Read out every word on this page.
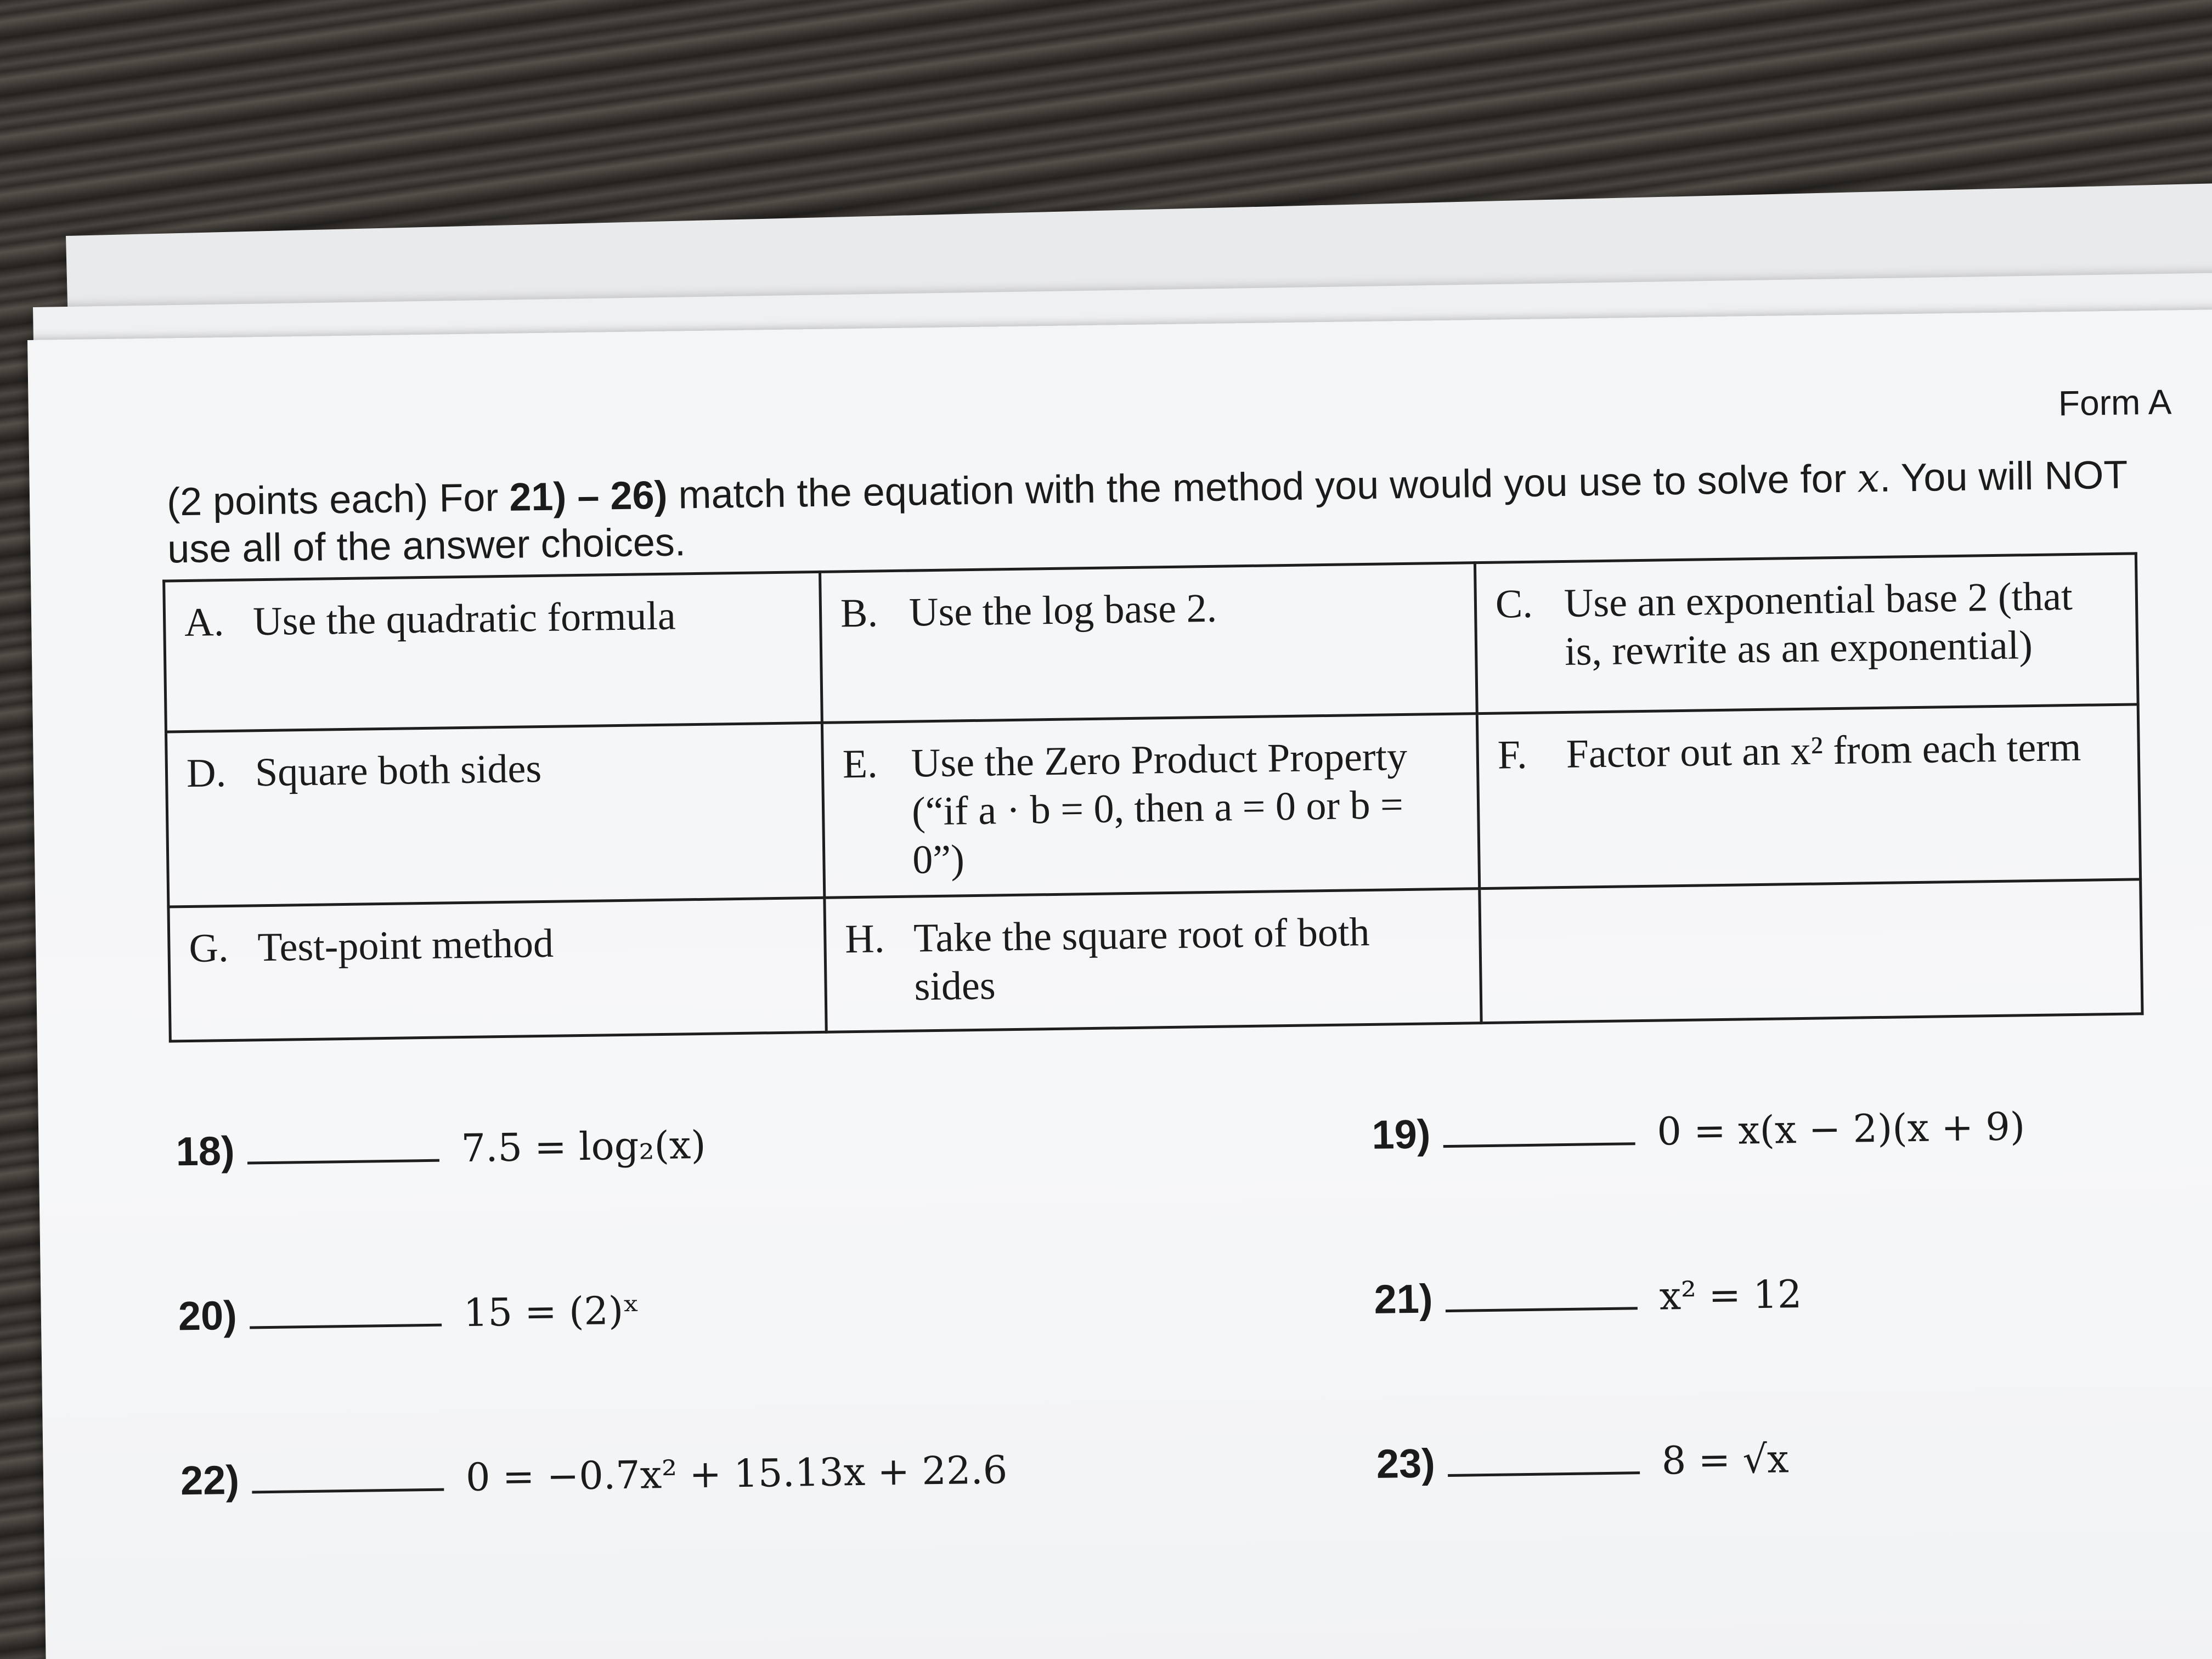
Form A
(2 points each) For 21) – 26) match the equation with the method you would you use to solve for x. You will NOT use all of the answer choices.
A. Use the quadratic formula	B. Use the log base 2.	C. Use an exponential base 2 (that is, rewrite as an exponential)

D. Square both sides	E. Use the Zero Product Property (“if a · b = 0, then a = 0 or b = 0”)	F. Factor out an x² from each term

G. Test-point method	H. Take the square root of both sides	

18)	7.5 = log₂(x)	19)	0 = x(x − 2)(x + 9)
20)	15 = (2)ˣ	21)	x² = 12
22)	0 = −0.7x² + 15.13x + 22.6	23)	8 = √x
